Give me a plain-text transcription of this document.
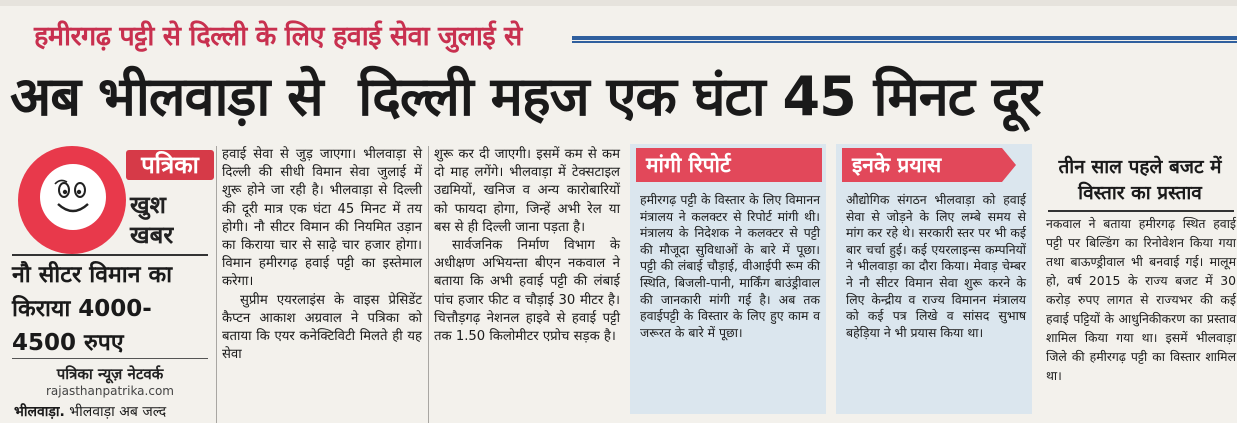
हमीरगढ़ पट्टी से दिल्ली के लिए हवाई सेवा जुलाई से
अब भीलवाड़ा से  दिल्ली महज एक घंटा 45 मिनट दूर
पत्रिका
खुश
खबर
नौ सीटर विमान का किराया 4000-4500 रुपए
पत्रिका न्यूज़ नेटवर्क
rajasthanpatrika.com
भीलवाड़ा. भीलवाड़ा अब जल्द
हवाई सेवा से जुड़ जाएगा। भीलवाड़ा से दिल्ली की सीधी विमान सेवा जुलाई में शुरू होने जा रही है। भीलवाड़ा से दिल्ली की दूरी मात्र एक घंटा 45 मिनट में तय होगी। नौ सीटर विमान की नियमित उड़ान का किराया चार से साढ़े चार हजार होगा। विमान हमीरगढ़ हवाई पट्टी का इस्तेमाल करेगा।
सुप्रीम एयरलाइंस के वाइस प्रेसिडेंट कैप्टन आकाश अग्रवाल ने पत्रिका को बताया कि एयर कनेक्टिविटी मिलते ही यह सेवा
शुरू कर दी जाएगी। इसमें कम से कम दो माह लगेंगे। भीलवाड़ा में टेक्सटाइल उद्यमियों, खनिज व अन्य कारोबारियों को फायदा होगा, जिन्हें अभी रेल या बस से ही दिल्ली जाना पड़ता है।
सार्वजनिक निर्माण विभाग के अधीक्षण अभियन्ता बीएन नकवाल ने बताया कि अभी हवाई पट्टी की लंबाई पांच हजार फीट व चौड़ाई 30 मीटर है। चित्तौड़गढ़ नेशनल हाइवे से हवाई पट्टी तक 1.50 किलोमीटर एप्रोच सड़क है।
मांगी रिपोर्ट
हमीरगढ़ पट्टी के विस्तार के लिए विमानन मंत्रालय ने कलक्टर से रिपोर्ट मांगी थी। मंत्रालय के निदेशक ने कलक्टर से पट्टी की मौजूदा सुविधाओं के बारे में पूछा। पट्टी की लंबाई चौड़ाई, वीआईपी रूम की स्थिति, बिजली-पानी, मार्किंग बाउंड्रीवाल की जानकारी मांगी गई है। अब तक हवाईपट्टी के विस्तार के लिए हुए काम व जरूरत के बारे में पूछा।
इनके प्रयास
औद्योगिक संगठन भीलवाड़ा को हवाई सेवा से जोड़ने के लिए लम्बे समय से मांग कर रहे थे। सरकारी स्तर पर भी कई बार चर्चा हुई। कई एयरलाइन्स कम्पनियों ने भीलवाड़ा का दौरा किया। मेवाड़ चेम्बर ने नौ सीटर विमान सेवा शुरू करने के लिए केन्द्रीय व राज्य विमानन मंत्रालय को कई पत्र लिखे व सांसद सुभाष बहेड़िया ने भी प्रयास किया था।
तीन साल पहले बजट में विस्तार का प्रस्ताव
नकवाल ने बताया हमीरगढ़ स्थित हवाई पट्टी पर बिल्डिंग का रिनोवेशन किया गया तथा बाऊण्ड्रीवाल भी बनवाई गई। मालूम हो, वर्ष 2015 के राज्य बजट में 30 करोड़ रुपए लागत से राज्यभर की कई हवाई पट्टियों के आधुनिकीकरण का प्रस्ताव शामिल किया गया था। इसमें भीलवाड़ा जिले की हमीरगढ़ पट्टी का विस्तार शामिल था।
